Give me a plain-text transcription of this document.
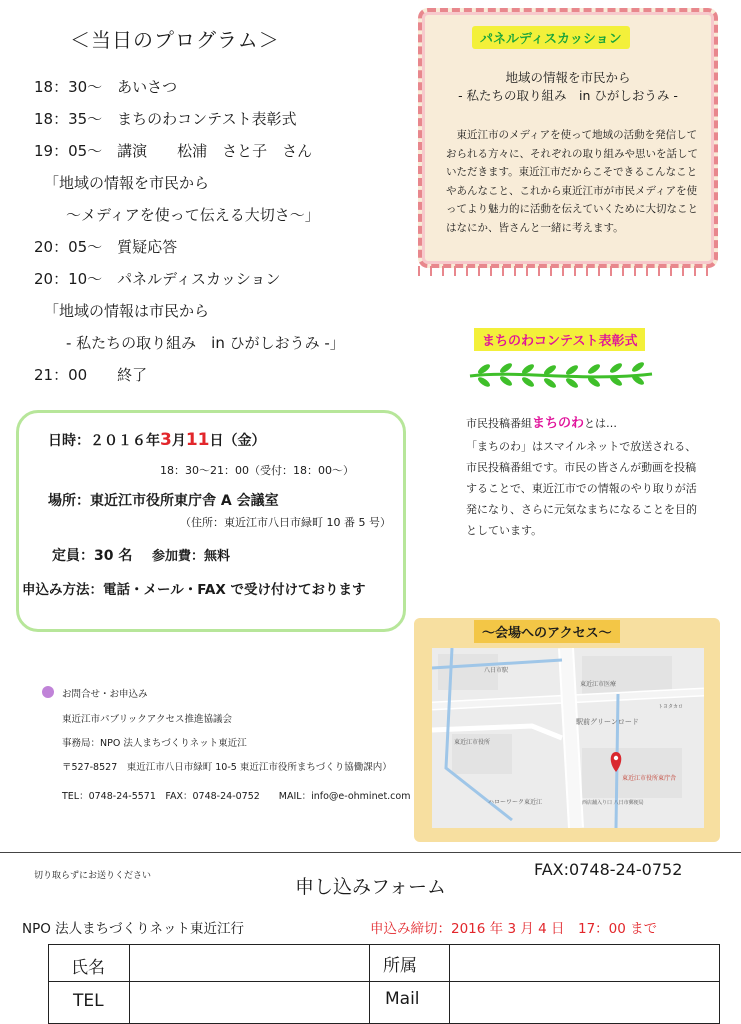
＜当日のプログラム＞
18：30～　あいさつ
18：35～　まちのわコンテスト表彰式
19：05～　講演　　松浦　さと子　さん
「地域の情報を市民から
～メディアを使って伝える大切さ～」
20：05～　質疑応答
20：10～　パネルディスカッション
「地域の情報は市民から
- 私たちの取り組み　in ひがしおうみ -」
21：00　　終了
パネルディスカッション
地域の情報を市民から
- 私たちの取り組み　in ひがしおうみ -
東近江市のメディアを使って地域の活動を発信しておられる方々に、それぞれの取り組みや思いを話していただきます。東近江市だからこそできるこんなことやあんなこと、これから東近江市が市民メディアを使ってより魅力的に活動を伝えていくために大切なことはなにか、皆さんと一緒に考えます。
まちのわコンテスト表彰式
市民投稿番組まちのわとは…
「まちのわ」はスマイルネットで放送される、市民投稿番組です。市民の皆さんが動画を投稿することで、東近江市での情報のやり取りが活発になり、さらに元気なまちになることを目的としています。
日時：２０１６年3月11日（金）
18：30～21：00（受付：18：00～）
場所：東近江市役所東庁舎 A 会議室
（住所：東近江市八日市緑町 10 番 5 号）
定員：30 名 参加費：無料
申込み方法：電話・メール・FAX で受け付けております
～会場へのアクセス～
八日市駅
東近江市医療
駅前グリーンロード
東近江市役所
ハローワーク東近江
東近江市役所東庁舎
西店舗入り口 八日市郵便局
トヨタカロ
お問合せ・お申込み
東近江市パブリックアクセス推進協議会
事務局：NPO 法人まちづくりネット東近江
〒527-8527　東近江市八日市緑町 10-5 東近江市役所まちづくり協働課内）
TEL：0748-24-5571　FAX：0748-24-0752　　MAIL：info@e-ohminet.com
切り取らずにお送りください	申し込みフォーム
FAX:0748-24-0752
NPO 法人まちづくりネット東近江行	申込み締切：2016 年 3 月 4 日　17：00 まで
氏名	所属
TEL	Mail
